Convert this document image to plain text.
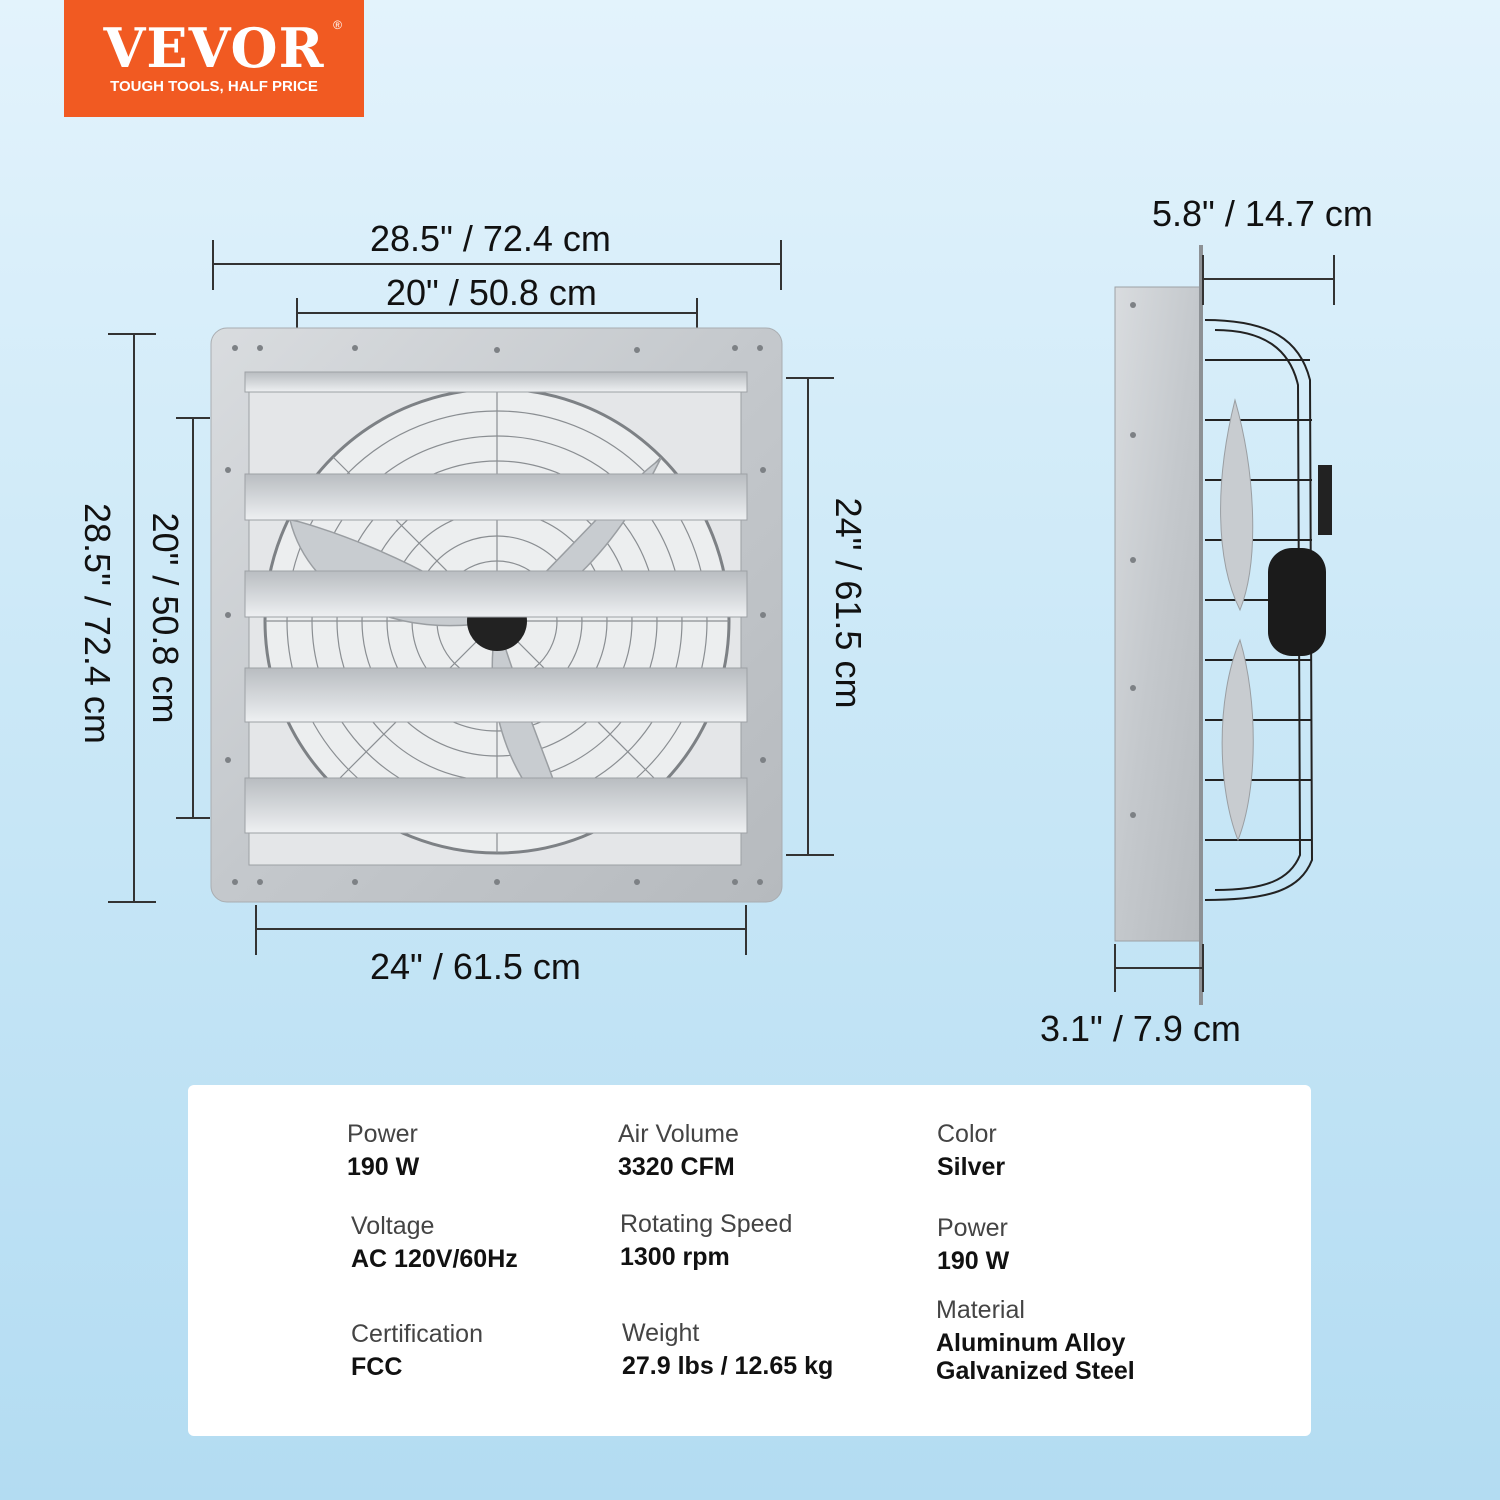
VEVOR ®
TOUGH TOOLS, HALF PRICE
28.5" / 72.4 cm
20" / 50.8 cm
28.5" / 72.4 cm 20" / 50.8 cm	24" / 61.5 cm
24" / 61.5 cm
5.8" / 14.7 cm
3.1" / 7.9 cm
Power
190 W
Air Volume
3320 CFM
Color
Silver
Voltage
AC 120V/60Hz
Rotating Speed
1300 rpm
Power
190 W
Certification
FCC
Weight
27.9 lbs / 12.65 kg
Material
Aluminum Alloy
Galvanized Steel
